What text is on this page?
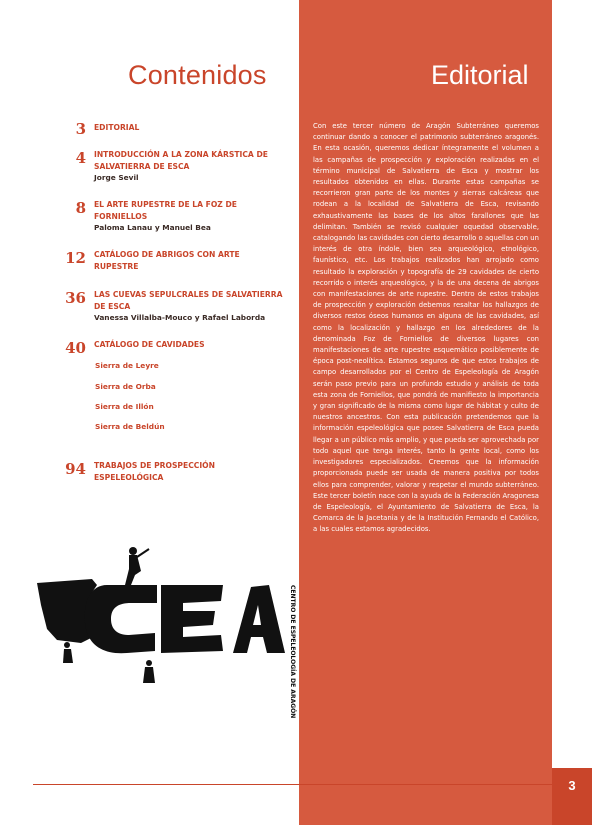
Contenidos	Editorial
3 EDITORIAL
4 INTRODUCCIÓN A LA ZONA KÁRSTICA DE SALVATIERRA DE ESCA
Jorge Sevil
8 EL ARTE RUPESTRE DE LA FOZ DE FORNIELLOS
Paloma Lanau y Manuel Bea
12 CATÁLOGO DE ABRIGOS CON ARTE RUPESTRE
36 LAS CUEVAS SEPULCRALES DE SALVATIERRA DE ESCA
Vanessa Villalba-Mouco y Rafael Laborda
40 CATÁLOGO DE CAVIDADES
94 TRABAJOS DE PROSPECCIÓN ESPELEOLÓGICA
Sierra de Leyre
Sierra de Orba
Sierra de Illón
Sierra de Beldún
CENTRO DE ESPELEOLOGÍA DE ARAGÓN

Con este tercer número de Aragón Subterráneo queremos continuar dando a conocer el patrimonio subterráneo aragonés. En esta ocasión, queremos dedicar íntegramente el volumen a las campañas de prospección y exploración realizadas en el término municipal de Salvatierra de Esca y mostrar los resultados obtenidos en ellas. Durante estas campañas se recorrieron gran parte de los montes y sierras calcáreas que rodean a la localidad de Salvatierra de Esca, revisando exhaustivamente las bases de los altos farallones que las delimitan. También se revisó cualquier oquedad observable, catalogando las cavidades con cierto desarrollo o aquellas con un interés de otra índole, bien sea arqueológico, etnológico, faunístico, etc. Los trabajos realizados han arrojado como resultado la exploración y topografía de 29 cavidades de cierto recorrido o interés arqueológico, y la de una decena de abrigos con manifestaciones de arte rupestre. Dentro de estos trabajos de prospección y exploración debemos resaltar los hallazgos de diversos restos óseos humanos en alguna de las cavidades, así como la localización y hallazgo en los alrededores de la denominada Foz de Forniellos de diversos lugares con manifestaciones de arte rupestre esquemático posiblemente de época post-neolítica. Estamos seguros de que estos trabajos de campo desarrollados por el Centro de Espeleología de Aragón serán paso previo para un profundo estudio y análisis de toda esta zona de Forniellos, que pondrá de manifiesto la importancia y gran significado de la misma como lugar de hábitat y culto de nuestros ancestros. Con esta publicación pretendemos que la información espeleológica que posee Salvatierra de Esca pueda llegar a un público más amplio, y que pueda ser aprovechada por todo aquel que tenga interés, tanto la gente local, como los investigadores especializados. Creemos que la información proporcionada puede ser usada de manera positiva por todos ellos para comprender, valorar y respetar el mundo subterráneo. Este tercer boletín nace con la ayuda de la Federación Aragonesa de Espeleología, el Ayuntamiento de Salvatierra de Esca, la Comarca de la Jacetania y de la Institución Fernando el Católico, a las cuales estamos agradecidos.

3
